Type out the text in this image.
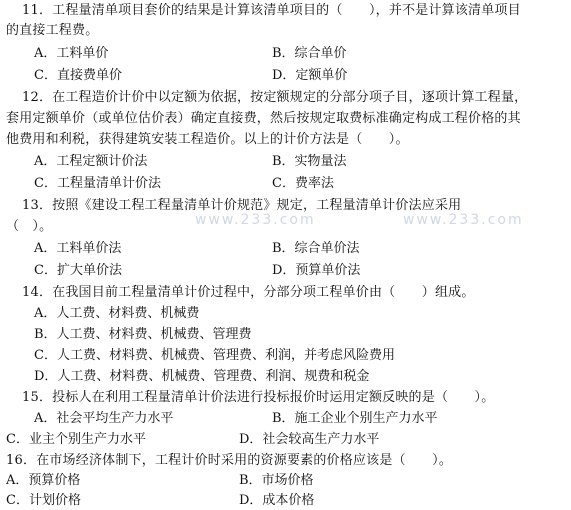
www.233.com	www.233.com
11．工程量清单项目套价的结果是计算该清单项目的（　　），并不是计算该清单项目
的直接工程费。
A．工料单价	B．综合单价
C．直接费单价	D．定额单价
12．在工程造价计价中以定额为依据，按定额规定的分部分项子目，逐项计算工程量，
套用定额单价（或单位估价表）确定直接费，然后按规定取费标准确定构成工程价格的其
他费用和利税，获得建筑安装工程造价。以上的计价方法是（　　）。
A．工程定额计价法	B．实物量法
C．工程量清单计价法	C．费率法
13．按照《建设工程工程量清单计价规范》规定，工程量清单计价法应采用
（　）。
A．工料单价法	B．综合单价法
C．扩大单价法	D．预算单价法
14．在我国目前工程量清单计价过程中，分部分项工程单价由（　　）组成。
A．人工费、材料费、机械费
B．人工费、材料费、机械费、管理费
C．人工费、材料费、机械费、管理费、利润，并考虑风险费用
D．人工费、材料费、机械费、管理费、利润、规费和税金
15．投标人在利用工程量清单计价法进行投标报价时运用定额反映的是（　　）。
A．社会平均生产力水平	B．施工企业个别生产力水平
C．业主个别生产力水平	D．社会较高生产力水平
16．在市场经济体制下，工程计价时采用的资源要素的价格应该是（　　）。
A．预算价格	B．市场价格
C．计划价格	D．成本价格
